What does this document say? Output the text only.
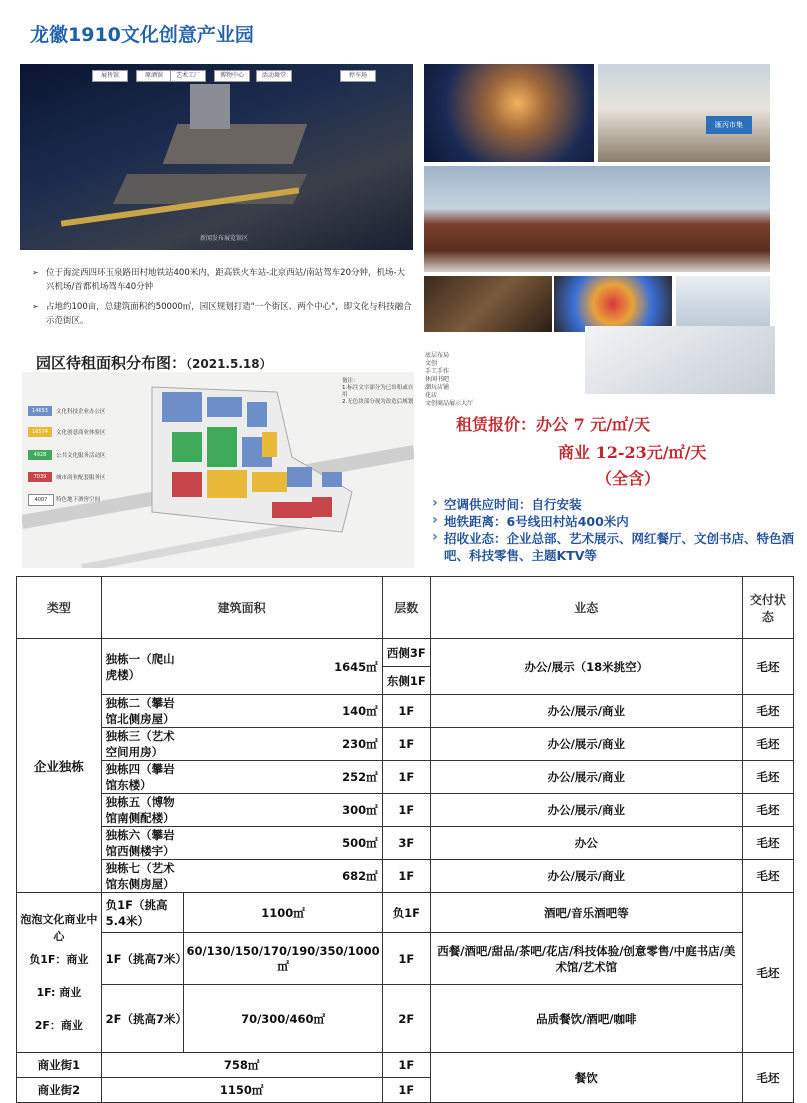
龙徽1910文化创意产业园
展售馆	原酒馆	艺术工厂	博物中心	活动舞堂	停车场
新闻发布展览馆区
匯丙市集
底层布局
文创
手工手作
休闲书吧
潮玩店铺
花店
文创商品展示大厅
➢ 位于海淀西四环玉泉路田村地铁站400米内，距高铁火车站-北京西站/南站驾车20分钟，机场-大兴机场/首都机场驾车40分钟
➢ 占地约100亩，总建筑面积约50000㎡，园区规划打造"一个街区、两个中心"，即文化与科技融合示范街区。
园区待租面积分布图：（2021.5.18）
备注：
1.标注文字部分为已出租或自用
2.无色块部分视为改造后规划
14653	文化科技企业办公区
16574	文化创意商业体验区
4928	公共文化服务活动区
7039	城市商业配套服务区
4007	特色地下酒窖空间
租赁报价：办公 7 元/㎡/天
商业 12-23元/㎡/天
（全含）
› 空调供应时间：自行安装
› 地铁距离：6号线田村站400米内
› 招收业态：企业总部、艺术展示、网红餐厅、文创书店、特色酒吧、科技零售、主题KTV等
类型	建筑面积		层数	业态	交付状态
企业独栋	独栋一（爬山虎楼）	1645㎡	西侧3F	办公/展示（18米挑空）	毛坯
			东侧1F		
	独栋二（攀岩馆北侧房屋）	140㎡	1F	办公/展示/商业	毛坯
	独栋三（艺术空间用房）	230㎡	1F	办公/展示/商业	毛坯
	独栋四（攀岩馆东楼）	252㎡	1F	办公/展示/商业	毛坯
	独栋五（博物馆南侧配楼）	300㎡	1F	办公/展示/商业	毛坯
	独栋六（攀岩馆西侧楼宇）	500㎡	3F	办公	毛坯
	独栋七（艺术馆东侧房屋）	682㎡	1F	办公/展示/商业	毛坯

泡泡文化商业中心
负1F：商业
1F: 商业
2F：商业	负1F（挑高5.4米）	1100㎡	负1F	酒吧/音乐酒吧等	毛坯
	1F（挑高7米）	60/130/150/170/190/350/1000㎡	1F	西餐/酒吧/甜品/茶吧/花店/科技体验/创意零售/中庭书店/美术馆/艺术馆	
	2F（挑高7米）	70/300/460㎡	2F	品质餐饮/酒吧/咖啡	
商业街1	758㎡		1F	餐饮	毛坯
商业街2	1150㎡		1F		
